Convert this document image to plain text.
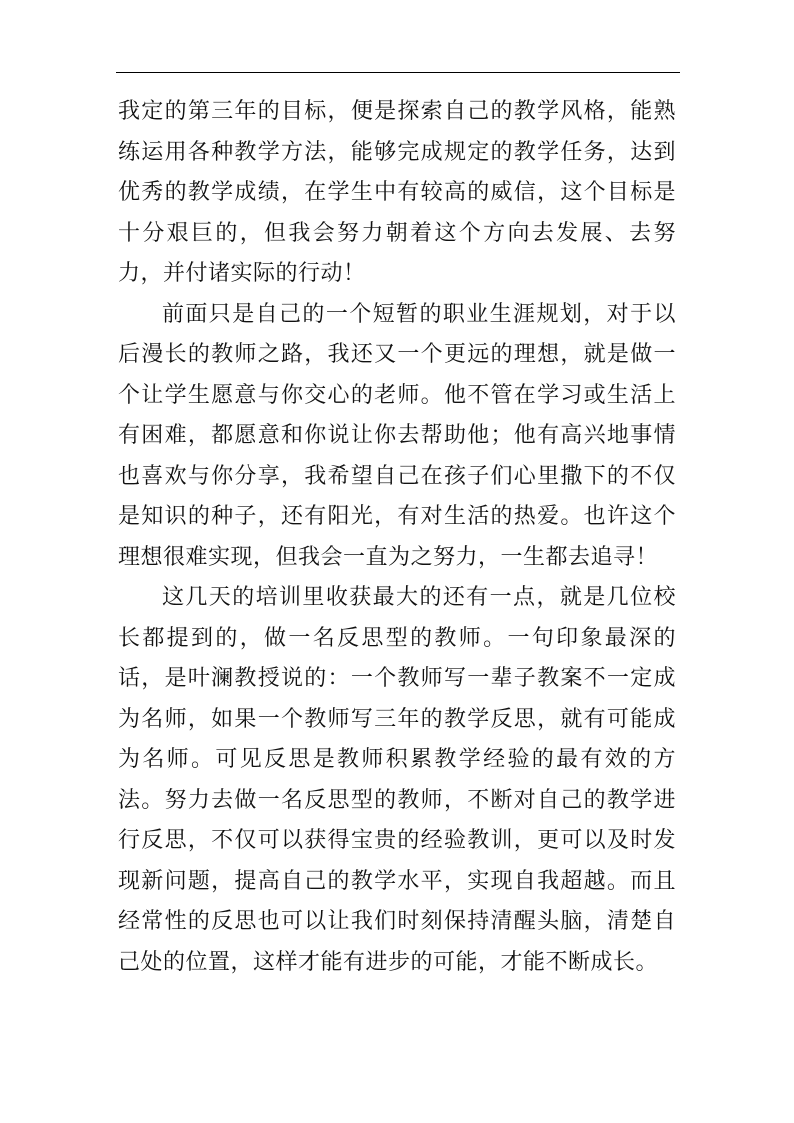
我定的第三年的目标，便是探索自己的教学风格，能熟练运用各种教学方法，能够完成规定的教学任务，达到优秀的教学成绩，在学生中有较高的威信，这个目标是十分艰巨的，但我会努力朝着这个方向去发展、去努力，并付诸实际的行动！

前面只是自己的一个短暂的职业生涯规划，对于以后漫长的教师之路，我还又一个更远的理想，就是做一个让学生愿意与你交心的老师。他不管在学习或生活上有困难，都愿意和你说让你去帮助他；他有高兴地事情也喜欢与你分享，我希望自己在孩子们心里撒下的不仅是知识的种子，还有阳光，有对生活的热爱。也许这个理想很难实现，但我会一直为之努力，一生都去追寻！

这几天的培训里收获最大的还有一点，就是几位校长都提到的，做一名反思型的教师。一句印象最深的话，是叶澜教授说的：一个教师写一辈子教案不一定成为名师，如果一个教师写三年的教学反思，就有可能成为名师。可见反思是教师积累教学经验的最有效的方法。努力去做一名反思型的教师，不断对自己的教学进行反思，不仅可以获得宝贵的经验教训，更可以及时发现新问题，提高自己的教学水平，实现自我超越。而且经常性的反思也可以让我们时刻保持清醒头脑，清楚自己处的位置，这样才能有进步的可能，才能不断成长。
